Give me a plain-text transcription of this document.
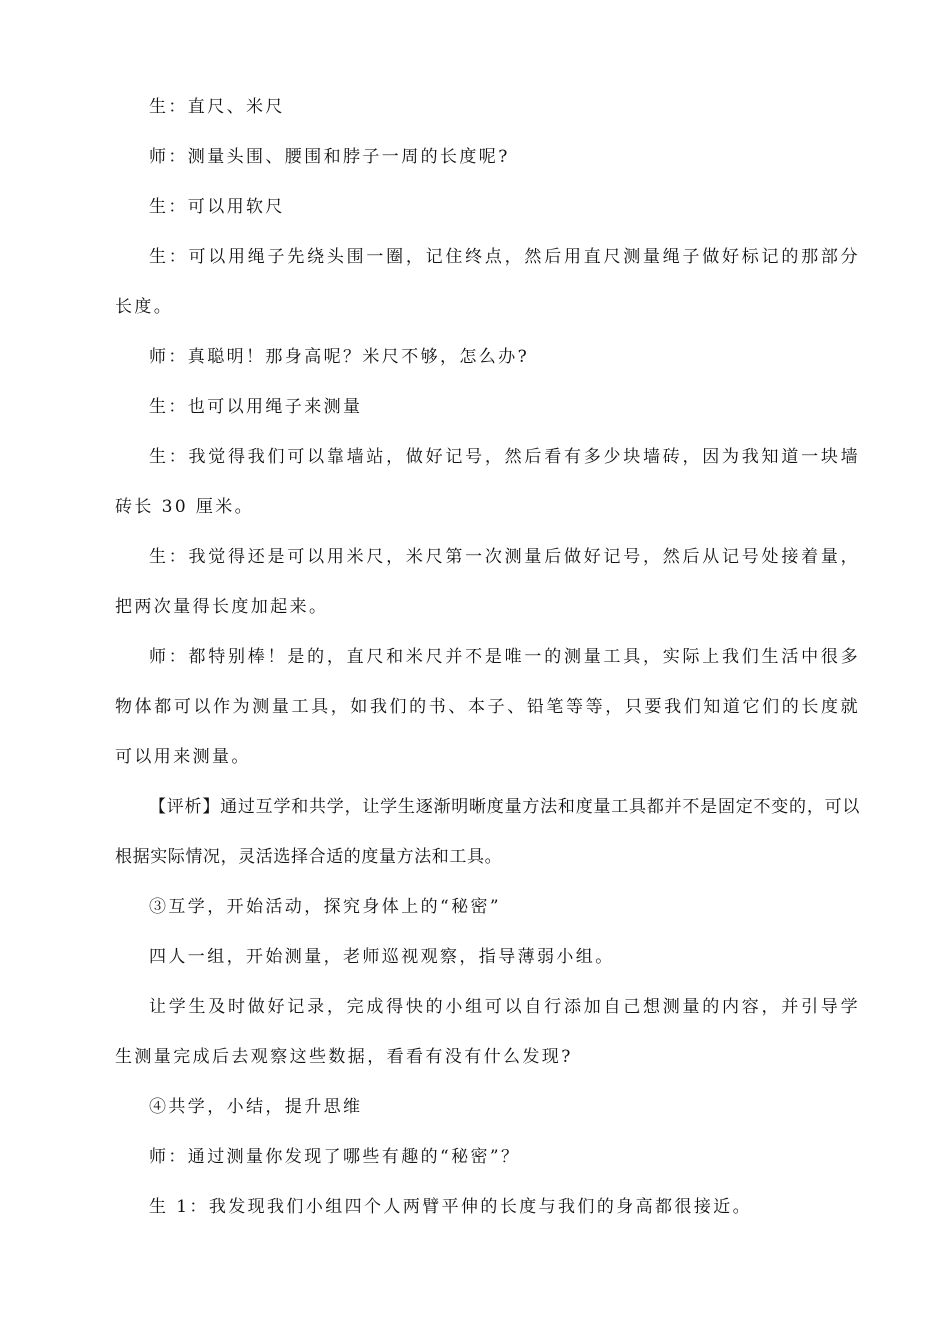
生：直尺、米尺

师：测量头围、腰围和脖子一周的长度呢?

生：可以用软尺

生：可以用绳子先绕头围一圈，记住终点，然后用直尺测量绳子做好标记的那部分长度。

师：真聪明！那身高呢？米尺不够，怎么办?

生：也可以用绳子来测量

生：我觉得我们可以靠墙站，做好记号，然后看有多少块墙砖，因为我知道一块墙砖长 30 厘米。

生：我觉得还是可以用米尺，米尺第一次测量后做好记号，然后从记号处接着量，把两次量得长度加起来。

师：都特别棒！是的，直尺和米尺并不是唯一的测量工具，实际上我们生活中很多物体都可以作为测量工具，如我们的书、本子、铅笔等等，只要我们知道它们的长度就可以用来测量。

【评析】通过互学和共学，让学生逐渐明晰度量方法和度量工具都并不是固定不变的，可以根据实际情况，灵活选择合适的度量方法和工具。

③互学，开始活动，探究身体上的“秘密”

四人一组，开始测量，老师巡视观察，指导薄弱小组。

让学生及时做好记录，完成得快的小组可以自行添加自己想测量的内容，并引导学生测量完成后去观察这些数据，看看有没有什么发现?

④共学，小结，提升思维

师：通过测量你发现了哪些有趣的“秘密”？

生 1：我发现我们小组四个人两臂平伸的长度与我们的身高都很接近。
